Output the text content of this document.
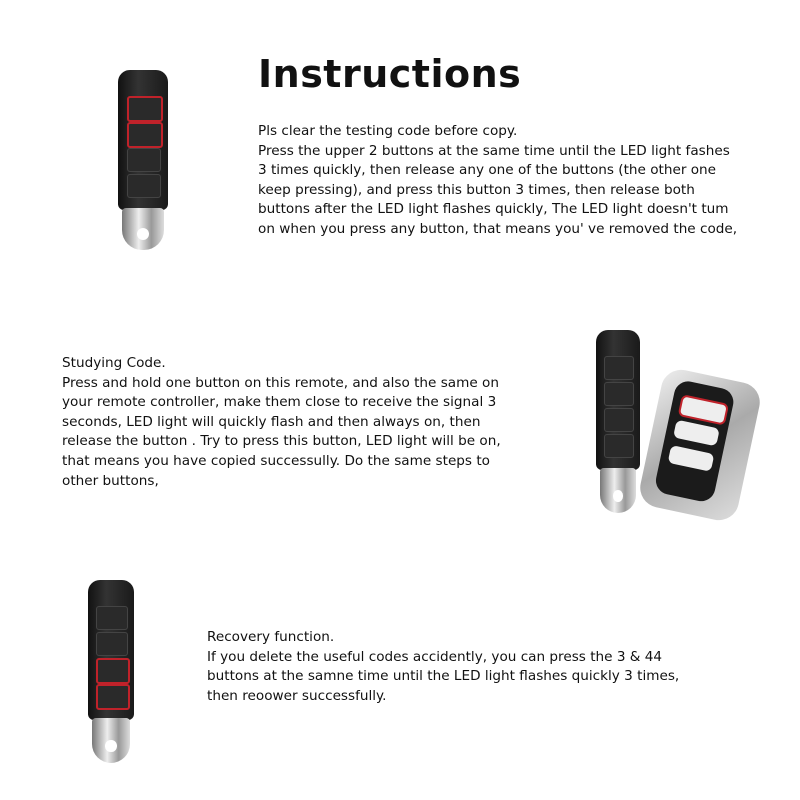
Instructions
Pls clear the testing code before copy.
Press the upper 2 buttons at the same time until the LED light fashes
3 times quickly, then release any one of the buttons (the other one
keep pressing), and press this button 3 times, then release both
buttons after the LED light flashes quickly, The LED light doesn't tum
on when you press any button, that means you' ve removed the code,
Studying Code.
Press and hold one button on this remote, and also the same on
your remote controller, make them close to receive the signal 3
seconds, LED light will quickly flash and then always on, then
release the button . Try to press this button, LED light will be on,
that means you have copied successully. Do the same steps to
other buttons,
Recovery function.
If you delete the useful codes accidently, you can press the 3 & 44
buttons at the samne time until the LED light flashes quickly 3 times,
then reoower successfully.
